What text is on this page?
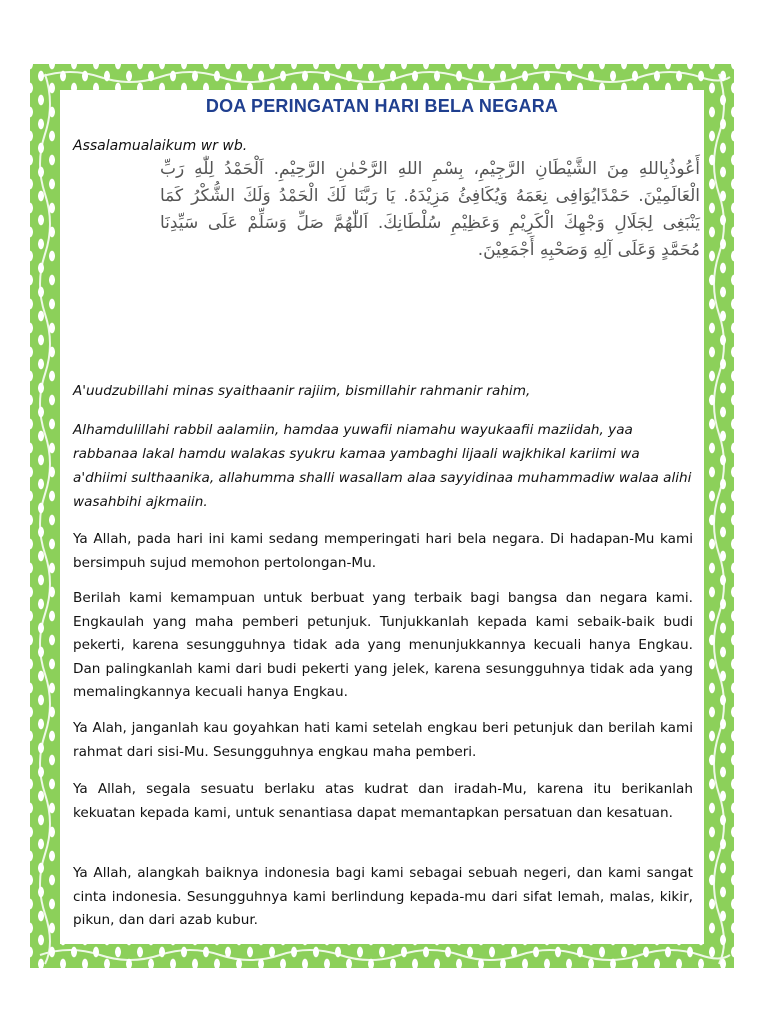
DOA PERINGATAN HARI BELA NEGARA
Assalamualaikum wr wb.
أَعُوذُبِاللهِ مِنَ الشَّيْطَانِ الرَّجِيْمِ، بِسْمِ اللهِ الرَّحْمٰنِ الرَّحِيْمِ. اَلْحَمْدُ لِلّٰهِ رَبِّ الْعَالَمِيْنَ. حَمْدًايُوَافِى نِعَمَهُ وَيُكَافِئُ مَزِيْدَهُ. يَا رَبَّنَا لَكَ الْحَمْدُ وَلَكَ الشُّكْرُ كَمَا يَنْبَغِى لِجَلَالِ وَجْهِكَ الْكَرِيْمِ وَعَظِيْمِ سُلْطَانِكَ. اَللّٰهُمَّ صَلِّ وَسَلِّمْ عَلَى سَيِّدِنَا مُحَمَّدٍ وَعَلَى آلِهِ وَصَحْبِهِ أَجْمَعِيْنَ.
A'uudzubillahi minas syaithaanir rajiim, bismillahir rahmanir rahim,
Alhamdulillahi rabbil aalamiin, hamdaa yuwafii niamahu wayukaafii maziidah, yaa rabbanaa lakal hamdu walakas syukru kamaa yambaghi lijaali wajkhikal kariimi wa a'dhiimi sulthaanika, allahumma shalli wasallam alaa sayyidinaa muhammadiw walaa alihi wasahbihi ajkmaiin.
Ya Allah, pada hari ini kami sedang memperingati hari bela negara. Di hadapan-Mu kami bersimpuh sujud memohon pertolongan-Mu.
Berilah kami kemampuan untuk berbuat yang terbaik bagi bangsa dan negara kami. Engkaulah yang maha pemberi petunjuk. Tunjukkanlah kepada kami sebaik-baik budi pekerti, karena sesungguhnya tidak ada yang menunjukkannya kecuali hanya Engkau. Dan palingkanlah kami dari budi pekerti yang jelek, karena sesungguhnya tidak ada yang memalingkannya kecuali hanya Engkau.
Ya Alah, janganlah kau goyahkan hati kami setelah engkau beri petunjuk dan berilah kami rahmat dari sisi-Mu. Sesungguhnya engkau maha pemberi.
Ya Allah, segala sesuatu berlaku atas kudrat dan iradah-Mu, karena itu berikanlah kekuatan kepada kami, untuk senantiasa dapat memantapkan persatuan dan kesatuan.
Ya Allah, alangkah baiknya indonesia bagi kami sebagai sebuah negeri, dan kami sangat cinta indonesia. Sesungguhnya kami berlindung kepada-mu dari sifat lemah, malas, kikir, pikun, dan dari azab kubur.
